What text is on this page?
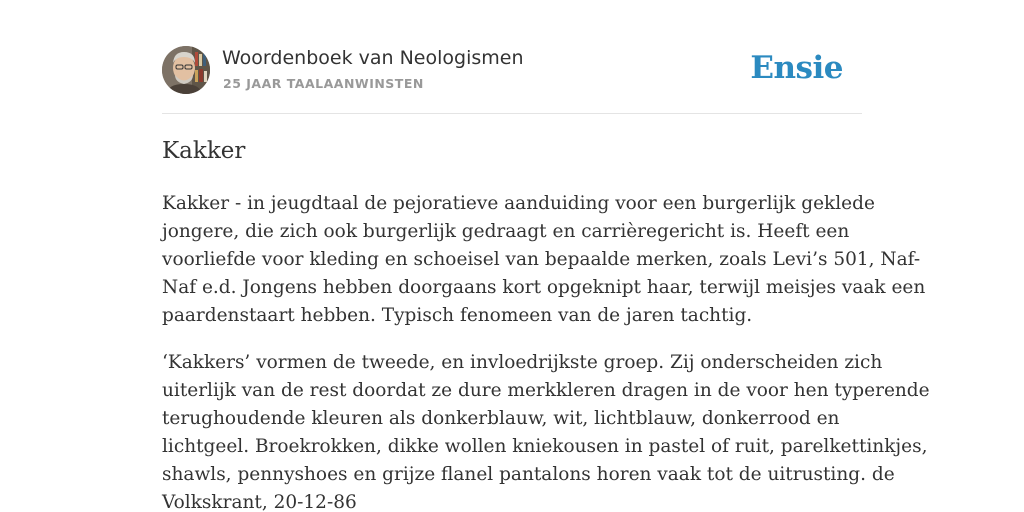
Woordenboek van Neologismen
25 JAAR TAALAANWINSTEN	Ensie
Kakker

Kakker - in jeugdtaal de pejoratieve aanduiding voor een burgerlijk geklede
jongere, die zich ook burgerlijk gedraagt en carrièregericht is. Heeft een
voorliefde voor kleding en schoeisel van bepaalde merken, zoals Levi’s 501, Naf-
Naf e.d. Jongens hebben doorgaans kort opgeknipt haar, terwijl meisjes vaak een
paardenstaart hebben. Typisch fenomeen van de jaren tachtig.

‘Kakkers’ vormen de tweede, en invloedrijkste groep. Zij onderscheiden zich
uiterlijk van de rest doordat ze dure merkkleren dragen in de voor hen typerende
terughoudende kleuren als donkerblauw, wit, lichtblauw, donkerrood en
lichtgeel. Broekrokken, dikke wollen kniekousen in pastel of ruit, parelkettinkjes,
shawls, pennyshoes en grijze flanel pantalons horen vaak tot de uitrusting. de
Volkskrant, 20-12-86
